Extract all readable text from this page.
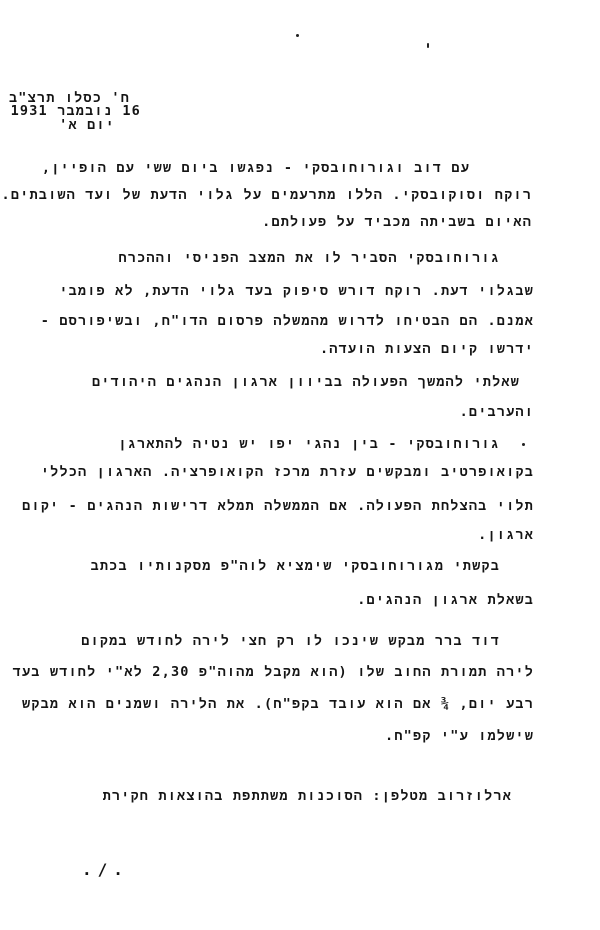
ח' כסלו תרצ"ב
16 נובמבר 1931
יום א'
עם דוב וגורוחובסקי - נפגשו ביום ששי עם הופיין,
רוקח וסוקובסקי. הללו מתרעמים על גלוי הדעת של ועד השובתים.
האיום בשביתה מכביד על פעולתם.
גורוחובסקי הסביר לו את המצב הפניסי וההכרח
שבגלוי דעת. רוקח דורש סיפוק בעד גלוי הדעת, לא פומבי
אמנם. הם הבטיחו לדרוש מהמשלה פרסום הדו"ח, ובשיפורסם -
ידרשו קיום הצעות הועדה.
שאלתי להמשך הפעולה בביוון ארגון הנהגים היהודים
והערבים.
גורוחובסקי - בין נהגי יפו יש נטיה להתארגן
בקואופרטיב ומבקשים עזרת מרכז הקואופרציה. הארגון הכללי
תלוי בהצלחת הפעולה. אם הממשלה תמלא דרישות הנהגים - יקום
ארגון.
בקשתי מגורוחובסקי שימציא לוה"פ מסקנותיו בכתב
בשאלת ארגון הנהגים.
דוד ברר מבקש שינכו לו רק חצי לירה לחודש במקום
לירה תמורת החוב שלו (הוא מקבל מהוה"פ 2,30 לא"י לחודש בעד
רבע יום, ¾ אם הוא עובד בקפ"ח). את הלירה ושמנים הוא מבקש
שישלמו ע"י קפ"ח.
ארלוזרוב מטלפן: הסוכנות משתתפת בהוצאות חקירת
./.
